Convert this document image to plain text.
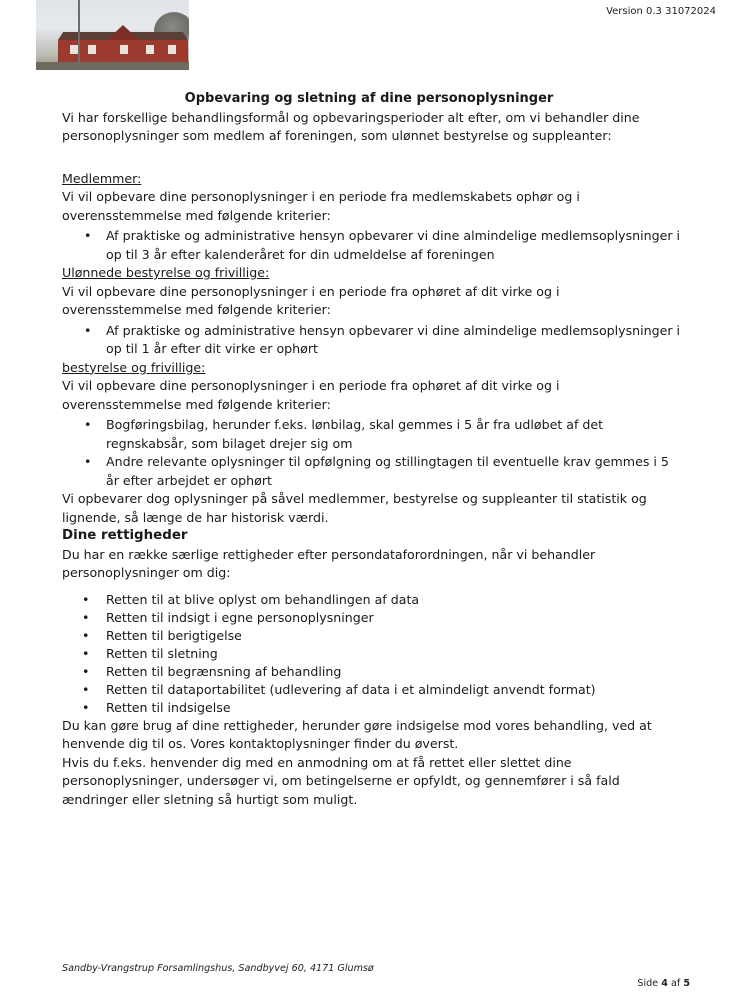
Version 0.3 31072024

Opbevaring og sletning af dine personoplysninger

Vi har forskellige behandlingsformål og opbevaringsperioder alt efter, om vi behandler dine personoplysninger som medlem af foreningen, som ulønnet bestyrelse og suppleanter:

Medlemmer:

Vi vil opbevare dine personoplysninger i en periode fra medlemskabets ophør og i overensstemmelse med følgende kriterier:

• Af praktiske og administrative hensyn opbevarer vi dine almindelige medlemsoplysninger i op til 3 år efter kalenderåret for din udmeldelse af foreningen

Ulønnede bestyrelse og frivillige:

Vi vil opbevare dine personoplysninger i en periode fra ophøret af dit virke og i overensstemmelse med følgende kriterier:

• Af praktiske og administrative hensyn opbevarer vi dine almindelige medlemsoplysninger i op til 1 år efter dit virke er ophørt

bestyrelse og frivillige:

Vi vil opbevare dine personoplysninger i en periode fra ophøret af dit virke og i overensstemmelse med følgende kriterier:

• Bogføringsbilag, herunder f.eks. lønbilag, skal gemmes i 5 år fra udløbet af det regnskabsår, som bilaget drejer sig om
• Andre relevante oplysninger til opfølgning og stillingtagen til eventuelle krav gemmes i 5 år efter arbejdet er ophørt

Vi opbevarer dog oplysninger på såvel medlemmer, bestyrelse og suppleanter til statistik og lignende, så længe de har historisk værdi.

Dine rettigheder

Du har en række særlige rettigheder efter persondataforordningen, når vi behandler personoplysninger om dig:

• Retten til at blive oplyst om behandlingen af data
• Retten til indsigt i egne personoplysninger
• Retten til berigtigelse
• Retten til sletning
• Retten til begrænsning af behandling
• Retten til dataportabilitet (udlevering af data i et almindeligt anvendt format)
• Retten til indsigelse

Du kan gøre brug af dine rettigheder, herunder gøre indsigelse mod vores behandling, ved at henvende dig til os. Vores kontaktoplysninger finder du øverst.

Hvis du f.eks. henvender dig med en anmodning om at få rettet eller slettet dine personoplysninger, undersøger vi, om betingelserne er opfyldt, og gennemfører i så fald ændringer eller sletning så hurtigt som muligt.

Sandby-Vrangstrup Forsamlingshus, Sandbyvej 60, 4171 Glumsø
Side 4 af 5
